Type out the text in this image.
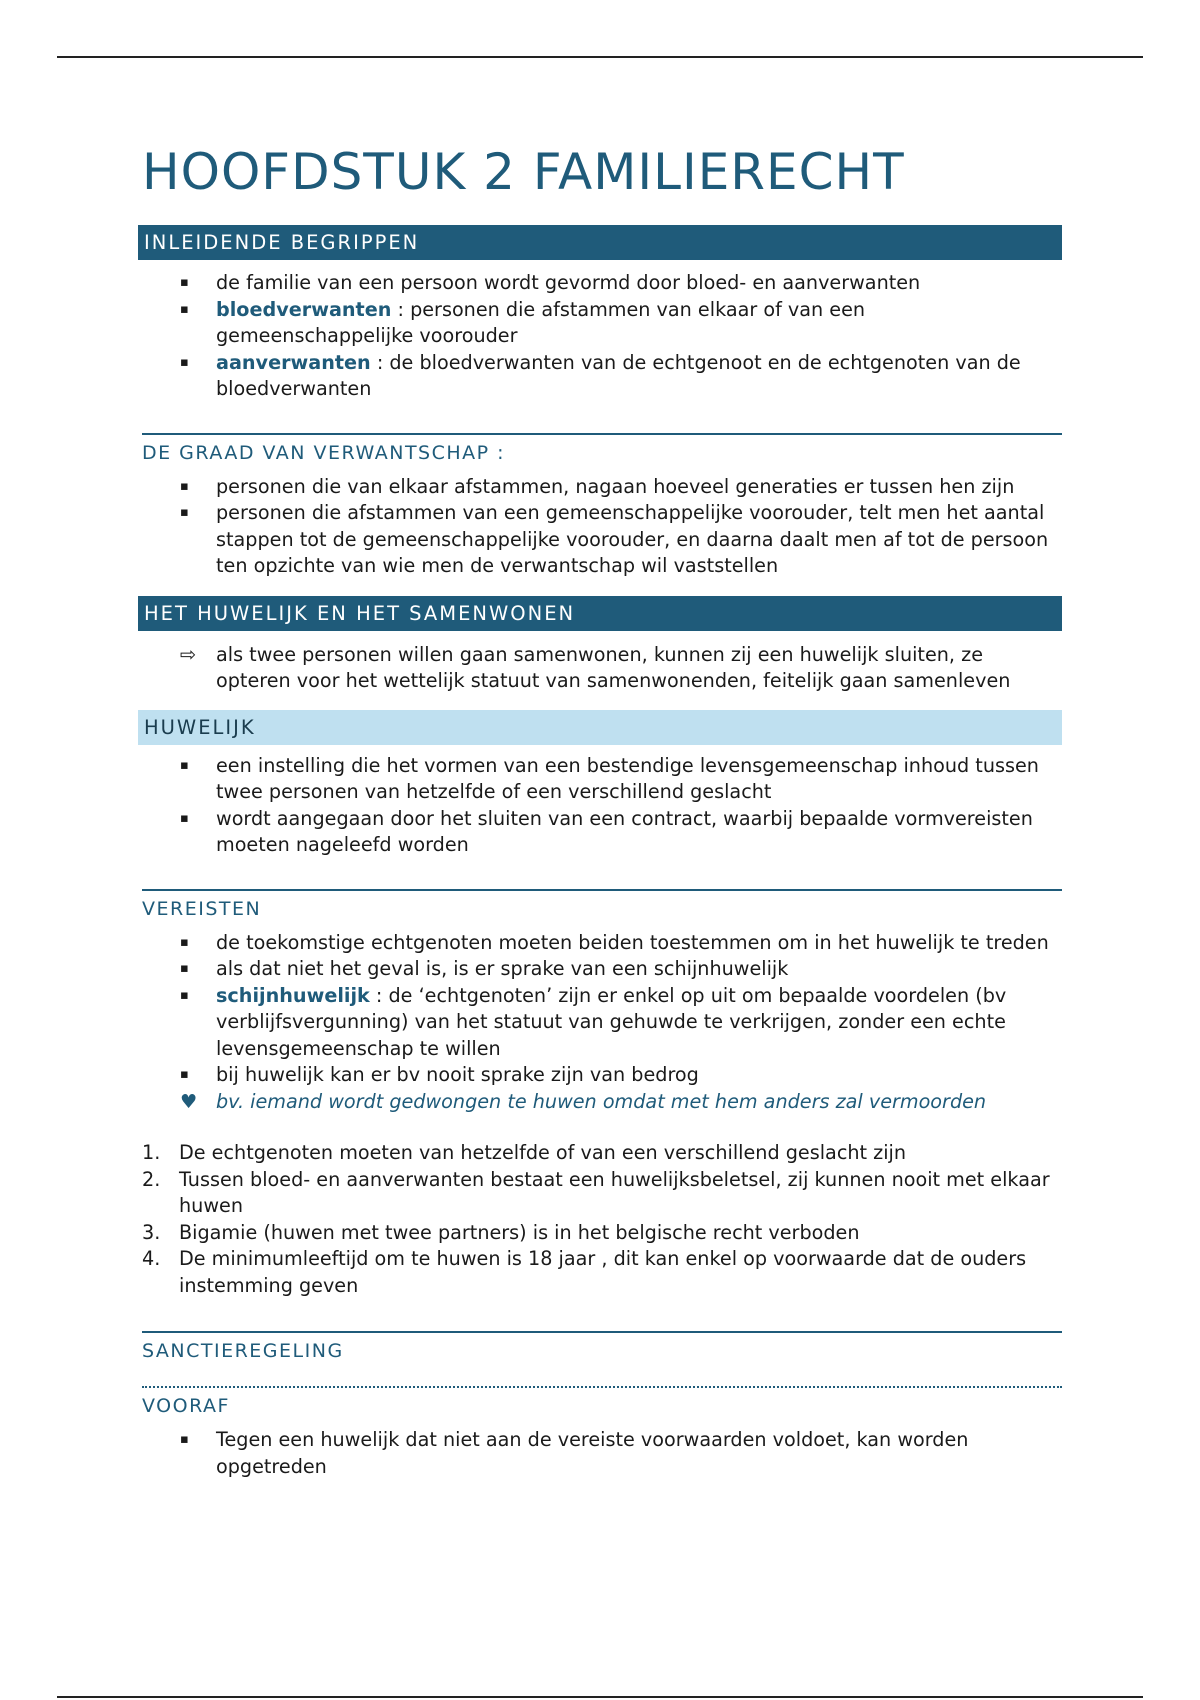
HOOFDSTUK 2 FAMILIERECHT
INLEIDENDE BEGRIPPEN
▪ de familie van een persoon wordt gevormd door bloed- en aanverwanten
▪ bloedverwanten : personen die afstammen van elkaar of van een gemeenschappelijke voorouder
▪ aanverwanten : de bloedverwanten van de echtgenoot en de echtgenoten van de bloedverwanten
DE GRAAD VAN VERWANTSCHAP :
▪ personen die van elkaar afstammen, nagaan hoeveel generaties er tussen hen zijn
▪ personen die afstammen van een gemeenschappelijke voorouder, telt men het aantal stappen tot de gemeenschappelijke voorouder, en daarna daalt men af tot de persoon ten opzichte van wie men de verwantschap wil vaststellen
HET HUWELIJK EN HET SAMENWONEN
⇨ als twee personen willen gaan samenwonen, kunnen zij een huwelijk sluiten, ze opteren voor het wettelijk statuut van samenwonenden, feitelijk gaan samenleven
HUWELIJK
▪ een instelling die het vormen van een bestendige levensgemeenschap inhoud tussen twee personen van hetzelfde of een verschillend geslacht
▪ wordt aangegaan door het sluiten van een contract, waarbij bepaalde vormvereisten moeten nageleefd worden
VEREISTEN
▪ de toekomstige echtgenoten moeten beiden toestemmen om in het huwelijk te treden
▪ als dat niet het geval is, is er sprake van een schijnhuwelijk
▪ schijnhuwelijk : de ‘echtgenoten’ zijn er enkel op uit om bepaalde voordelen (bv verblijfsvergunning) van het statuut van gehuwde te verkrijgen, zonder een echte levensgemeenschap te willen
▪ bij huwelijk kan er bv nooit sprake zijn van bedrog
♥ bv. iemand wordt gedwongen te huwen omdat met hem anders zal vermoorden
1. De echtgenoten moeten van hetzelfde of van een verschillend geslacht zijn
2. Tussen bloed- en aanverwanten bestaat een huwelijksbeletsel, zij kunnen nooit met elkaar huwen
3. Bigamie (huwen met twee partners) is in het belgische recht verboden
4. De minimumleeftijd om te huwen is 18 jaar , dit kan enkel op voorwaarde dat de ouders instemming geven
SANCTIEREGELING
VOORAF
▪ Tegen een huwelijk dat niet aan de vereiste voorwaarden voldoet, kan worden opgetreden
